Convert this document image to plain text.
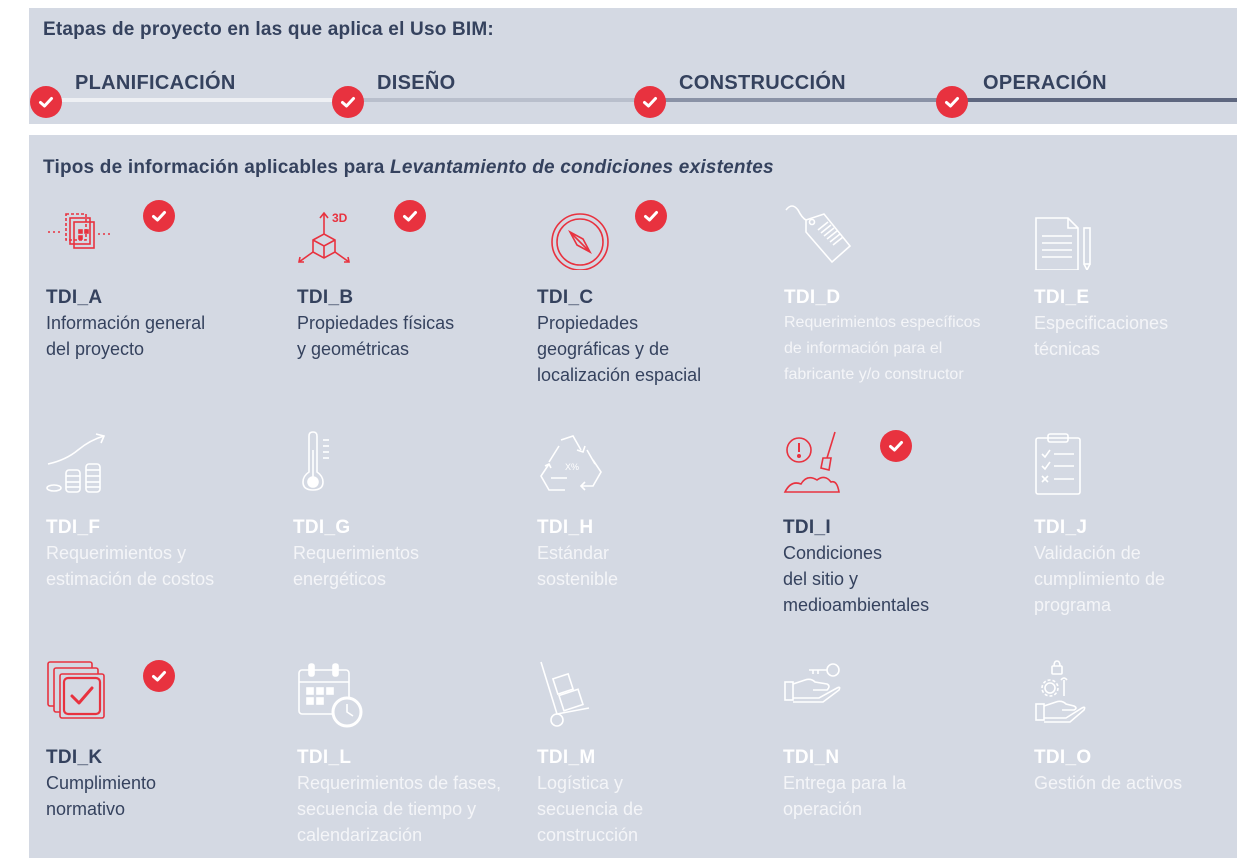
Etapas de proyecto en las que aplica el Uso BIM:
PLANIFICACIÓN	DISEÑO	CONSTRUCCIÓN	OPERACIÓN
Tipos de información aplicables para Levantamiento de condiciones existentes
TDI_A
Información general
del proyecto
3D
TDI_B
Propiedades físicas
y geométricas
TDI_C
Propiedades
geográficas y de
localización espacial
TDI_D
Requerimientos específicos
de información para el
fabricante y/o constructor
TDI_E
Especificaciones
técnicas
TDI_F
Requerimientos y
estimación de costos
TDI_G
Requerimientos
energéticos
X%
TDI_H
Estándar
sostenible
TDI_I
Condiciones
del sitio y
medioambientales
TDI_J
Validación de
cumplimiento de
programa
TDI_K
Cumplimiento
normativo
TDI_L
Requerimientos de fases,
secuencia de tiempo y
calendarización
TDI_M
Logística y
secuencia de
construcción
TDI_N
Entrega para la
operación
TDI_O
Gestión de activos
